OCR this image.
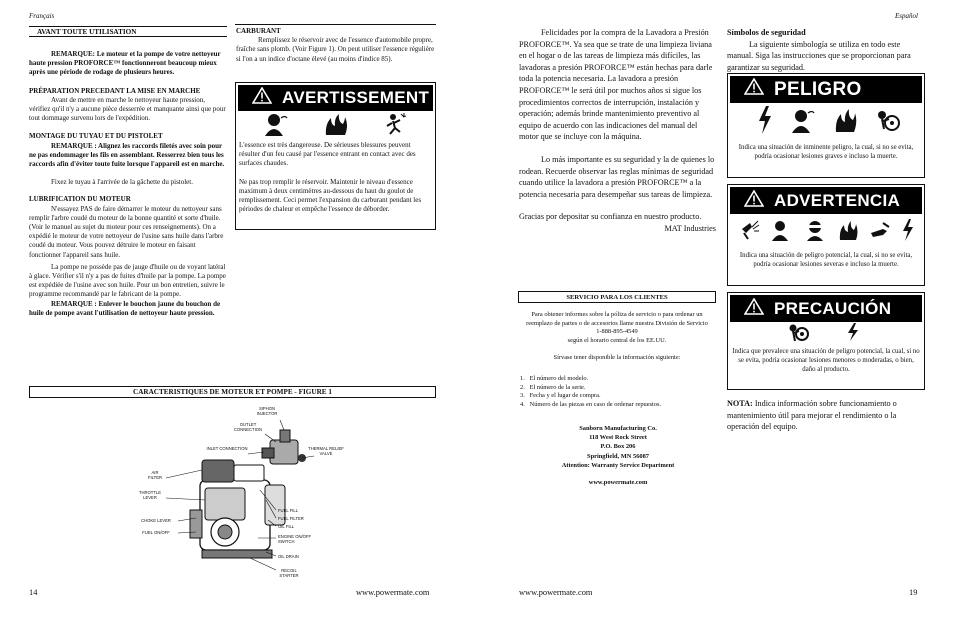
Français
AVANT TOUTE UTILISATION

REMARQUE: Le moteur et la pompe de votre nettoyeur haute pression PROFORCE™ fonctionneront beaucoup mieux après une période de rodage de plusieurs heures.

PRÉPARATION PRECEDANT LA MISE EN MARCHE

Avant de mettre en marche le nettoyeur haute pression, vérifiez qu'il n'y a aucune pièce desserrée et manquante ainsi que pour tout dommage survenu lors de l'expédition.

MONTAGE DU TUYAU ET DU PISTOLET

REMARQUE : Alignez les raccords filetés avec soin pour ne pas endommager les fils en assemblant. Resserrez bien tous les raccords afin d'éviter toute fuite lorsque l'appareil est en marche.

Fixez le tuyau à l'arrivée de la gâchette du pistolet.

LUBRIFICATION DU MOTEUR

N'essayez PAS de faire démarrer le moteur du nettoyeur sans remplir l'arbre coudé du moteur de la bonne quantité et sorte d'huile. (Voir le manuel au sujet du moteur pour ces renseignements). On a expédié le moteur de votre nettoyeur de l'usine sans huile dans l'arbre coudé du moteur. Vous pouvez détruire le moteur en faisant fonctionner l'appareil sans huile.

La pompe ne possède pas de jauge d'huile ou de voyant latéral à glace. Vérifier s'il n'y a pas de fuites d'huile par la pompe. La pompe est expédiée de l'usine avec son huile. Pour un bon entretien, suivre le programme recommandé par le fabricant de la pompe.

REMARQUE : Enlever le bouchon jaune du bouchon de huile de pompe avant l'utilisation de nettoyeur haute pression.

CARBURANT

Remplissez le réservoir avec de l'essence d'automobile propre, fraîche sans plomb. (Voir Figure 1). On peut utiliser l'essence régulière si l'on a un indice d'octane élevé (au moins d'indice 85).

AVERTISSEMENT

L'essence est très dangereuse. De sérieuses blessures peuvent résulter d'un feu causé par l'essence entrant en contact avec des surfaces chaudes.

Ne pas trop remplir le réservoir. Maintenir le niveau d'essence maximum à deux centimètres au-dessous du haut du goulot de remplissement. Ceci permet l'expansion du carburant pendant les périodes de chaleur et empêche l'essence de déborder.

CARACTERISTIQUES DE MOTEUR ET POMPE - FIGURE 1
SIPHON INJECTOR
OUTLET CONNECTION
INLET CONNECTION	THERMAL RELIEF VALVE
AIR FILTER
THROTTLE LEVER
CHOKE LEVER
FUEL ON/OFF
FUEL FILL
FUEL FILTER
OIL FILL
ENGINE ON/OFF SWITCH
OIL DRAIN
RECOIL STARTER
14	www.powermate.com
Español

Felicidades por la compra de la Lavadora a Presión PROFORCE™. Ya sea que se trate de una limpieza liviana en el hogar o de las tareas de limpieza más difíciles, las lavadoras a presión PROFORCE™ están hechas para darle toda la potencia necesaria. La lavadora a presión PROFORCE™ le será útil por muchos años si sigue los procedimientos correctos de interrupción, instalación y operación; además brinde mantenimiento preventivo al equipo de acuerdo con las indicaciones del manual del motor que se incluye con la máquina.

Lo más importante es su seguridad y la de quienes lo rodean. Recuerde observar las reglas mínimas de seguridad cuando utilice la lavadora a presión PROFORCE™ a la potencia necesaria para desempeñar sus tareas de limpieza.

Gracias por depositar su confianza en nuestro producto.

MAT Industries

SERVICIO PARA LOS CLIENTES

Para obtener informes sobre la póliza de servicio o para ordenar un reemplazo de partes o de accesorios llame nuestra División de Servicio

1-888-895-4549

según el horario central de los EE.UU.

Sírvase tener disponible la información siguiente:

1.   El número del modelo.
2.   El número de la serie.
3.   Fecha y el lugar de compra.
4.   Número de las piezas en caso de ordenar repuestos.
Sanborn Manufacturing Co.
118 West Rock Street
P.O. Box 206
Springfield, MN 56087
Attention: Warranty Service Department
www.powermate.com

Símbolos de seguridad

La siguiente simbología se utiliza en todo este manual. Siga las instrucciones que se proporcionan para garantizar su seguridad.

PELIGRO
Indica una situación de inminente peligro, la cual, si no se evita, podría ocasionar lesiones graves e incluso la muerte.
ADVERTENCIA
Indica una situación de peligro potencial, la cual, si no se evita, podría ocasionar lesiones severas e incluso la muerte.
PRECAUCIÓN
Indica que prevalece una situación de peligro potencial, la cual, si no se evita, podría ocasionar lesiones menores o moderadas, o bien, daño al producto.
NOTA: Indica información sobre funcionamiento o mantenimiento útil para mejorar el rendimiento o la operación del equipo.
www.powermate.com	19
